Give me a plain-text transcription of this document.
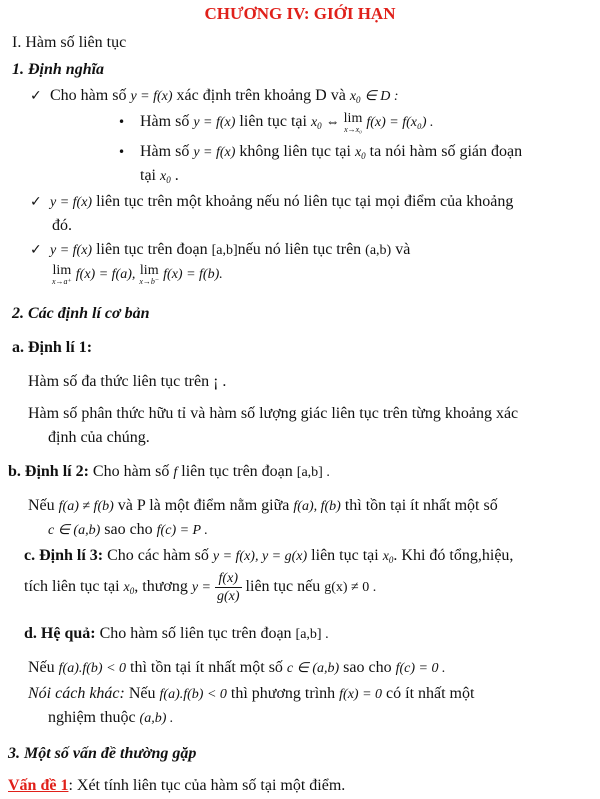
CHƯƠNG IV: GIỚI HẠN
I. Hàm số liên tục
1. Định nghĩa
✓ Cho hàm số y = f(x) xác định trên khoảng D và $x_0$ ∈ D :
• Hàm số y = f(x) liên tục tại $x_0$ ⇔ lim
x→x₀ f(x) = f(x₀) .
• Hàm số y = f(x) không liên tục tại $x_0$ ta nói hàm số gián đoạn
tại $x_0$ .
✓ y = f(x) liên tục trên một khoảng nếu nó liên tục tại mọi điểm của khoảng
đó.
✓ y = f(x) liên tục trên đoạn [a,b]nếu nó liên tục trên (a,b) và
lim
x→a⁺ f(x) = f(a), lim
x→b⁻ f(x) = f(b).
2. Các định lí cơ bản
a. Định lí 1:
Hàm số đa thức liên tục trên ¡ .
Hàm số phân thức hữu tỉ và hàm số lượng giác liên tục trên từng khoảng xác
định của chúng.
b. Định lí 2: Cho hàm số f liên tục trên đoạn [a,b] .
Nếu f(a) ≠ f(b) và P là một điểm nằm giữa f(a), f(b) thì tồn tại ít nhất một số
c ∈ (a,b) sao cho f(c) = P .
c. Định lí 3: Cho các hàm số y = f(x), y = g(x) liên tục tại $x_0$. Khi đó tổng,hiệu,
tích liên tục tại $x_0$, thương $y = \frac{f(x)}{g(x)}$ liên tục nếu g(x) ≠ 0 .
d. Hệ quả: Cho hàm số liên tục trên đoạn [a,b] .
Nếu f(a).f(b) < 0 thì tồn tại ít nhất một số c ∈ (a,b) sao cho f(c) = 0 .
Nói cách khác: Nếu f(a).f(b) < 0 thì phương trình f(x) = 0 có ít nhất một
nghiệm thuộc (a,b) .
3. Một số vấn đề thường gặp
Vấn đề 1: Xét tính liên tục của hàm số tại một điểm.
